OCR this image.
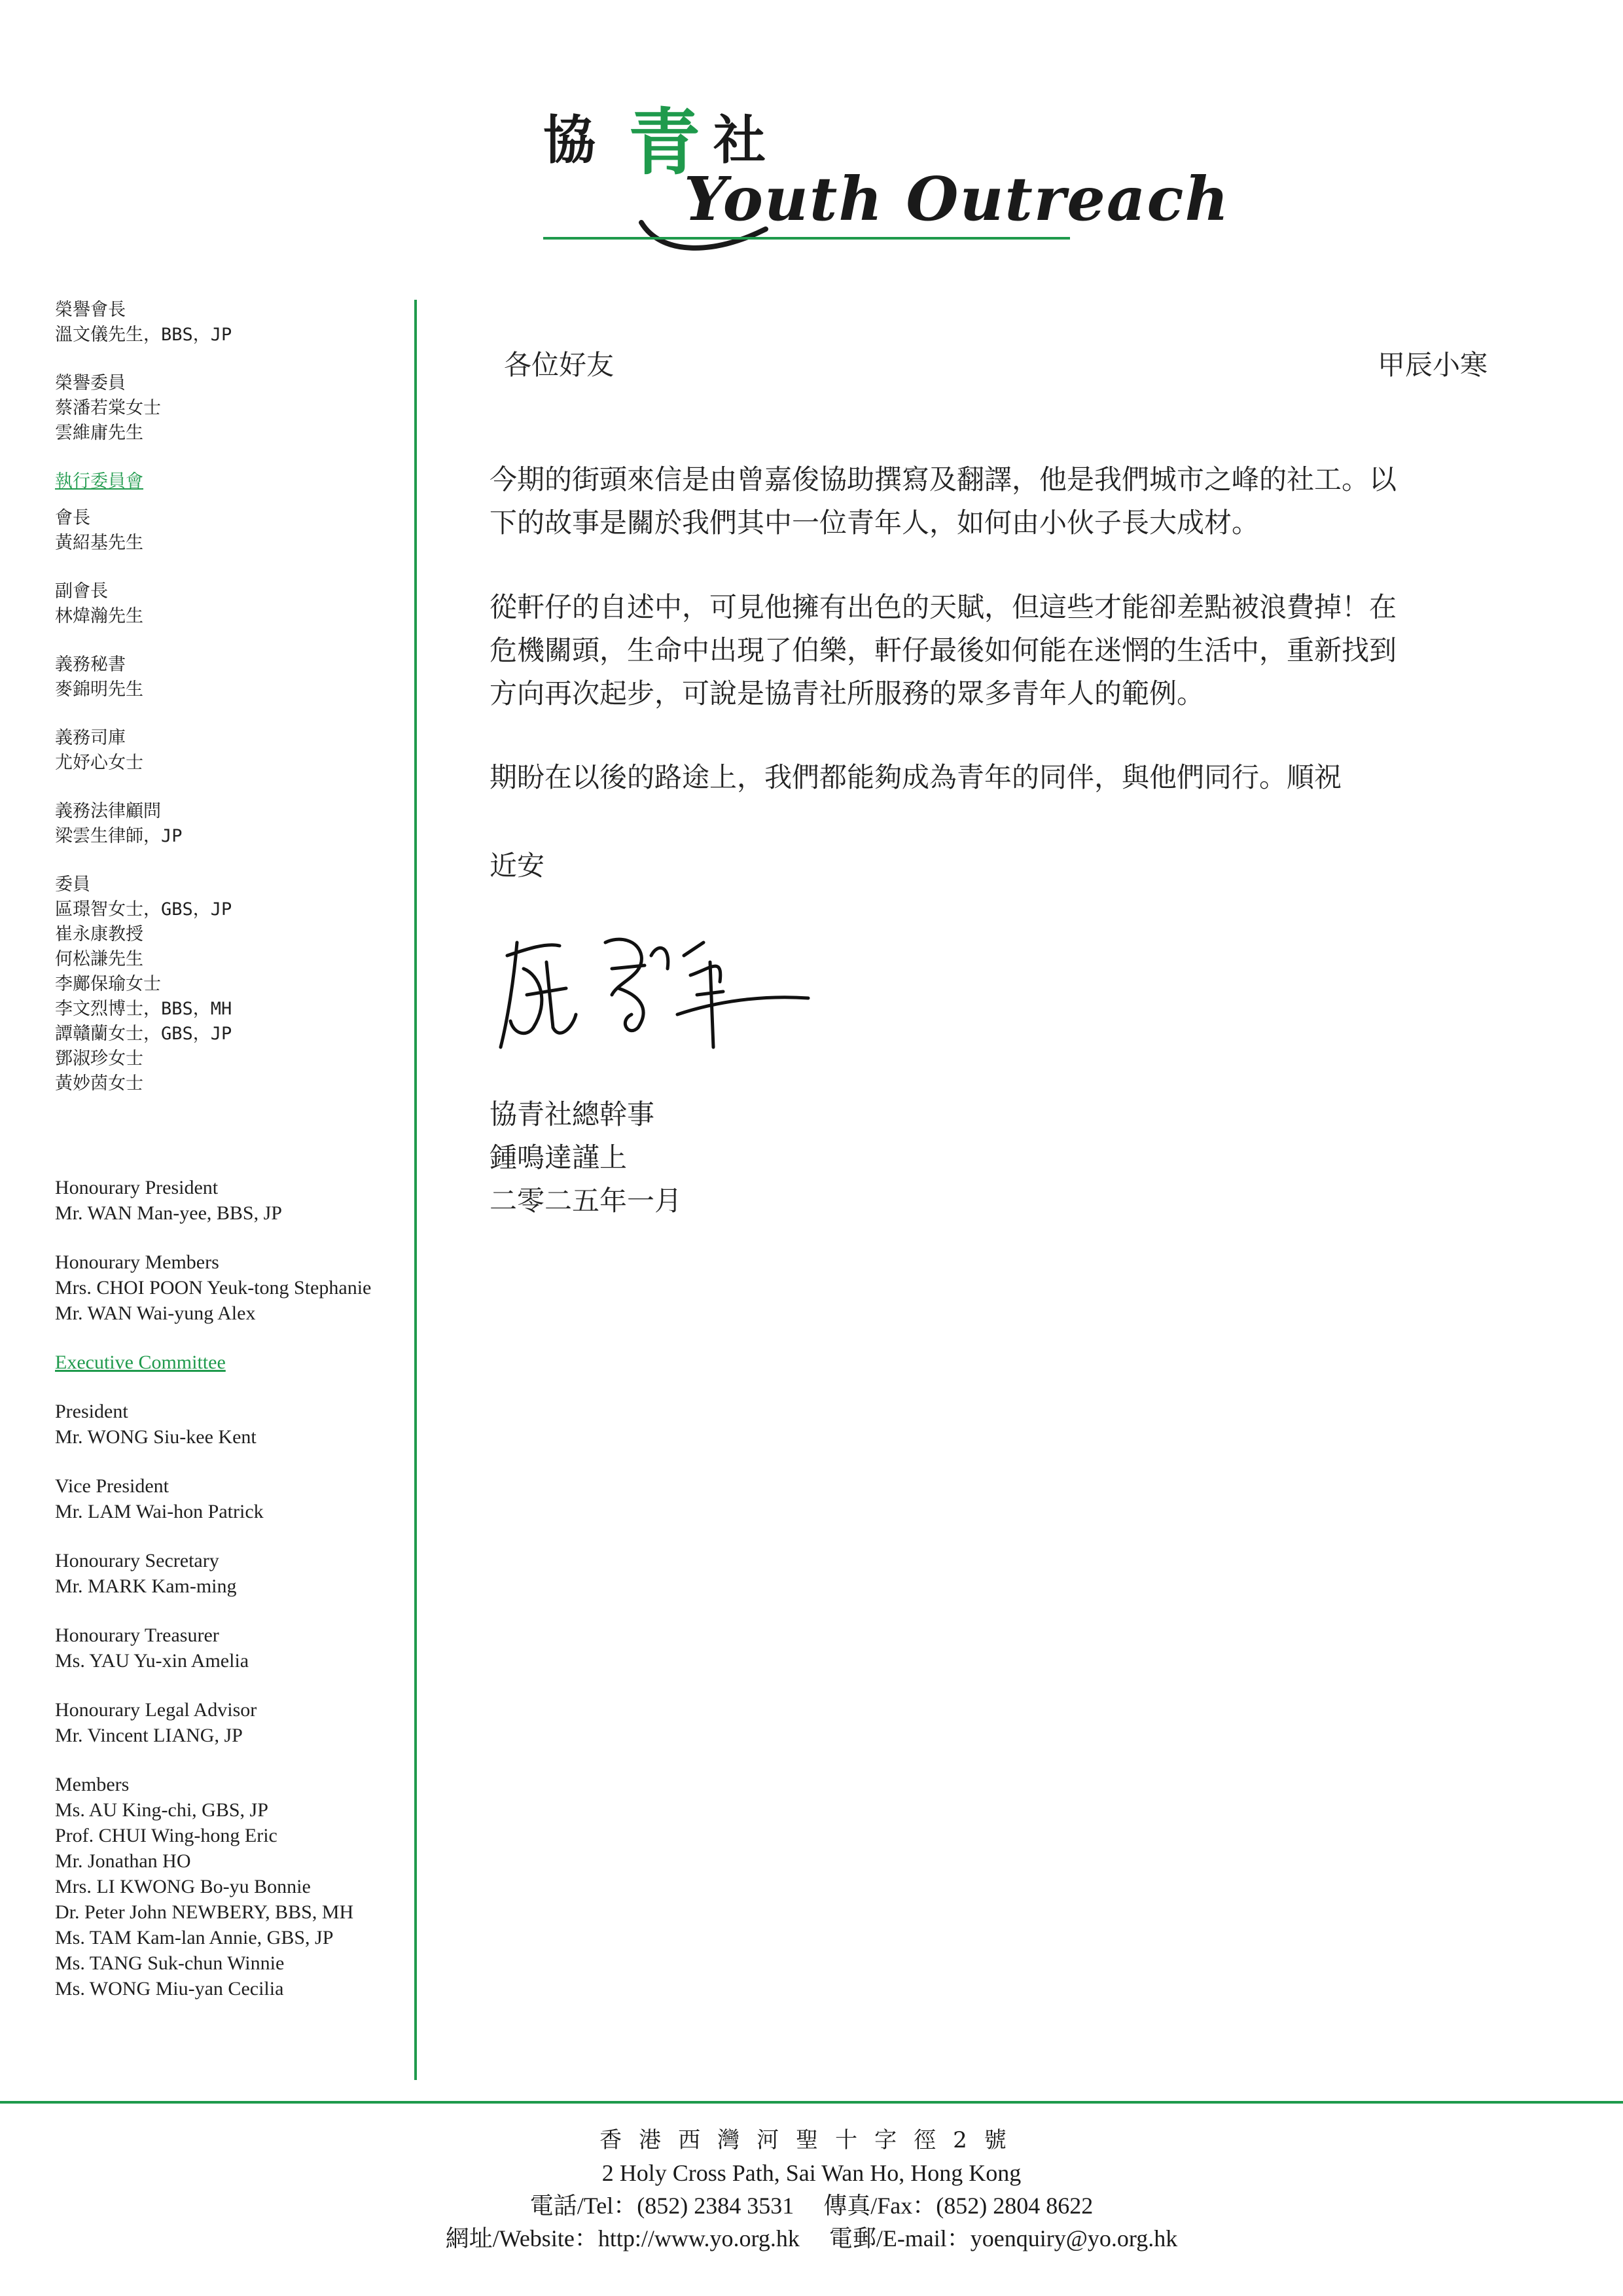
協 青 社
Youth Outreach
榮譽會長
溫文儀先生，BBS，JP
榮譽委員
蔡潘若棠女士
雲維庸先生
執行委員會
會長
黃紹基先生
副會長
林煒瀚先生
義務秘書
麥錦明先生
義務司庫
尤妤心女士
義務法律顧問
梁雲生律師，JP
委員
區璟智女士，GBS，JP
崔永康教授
何松謙先生
李鄺保瑜女士
李文烈博士，BBS，MH
譚贛蘭女士，GBS，JP
鄧淑珍女士
黃妙茵女士
Honourary President
Mr. WAN Man-yee, BBS, JP
Honourary Members
Mrs. CHOI POON Yeuk-tong Stephanie
Mr. WAN Wai-yung Alex
Executive Committee
President
Mr. WONG Siu-kee Kent
Vice President
Mr. LAM Wai-hon Patrick
Honourary Secretary
Mr. MARK Kam-ming
Honourary Treasurer
Ms. YAU Yu-xin Amelia
Honourary Legal Advisor
Mr. Vincent LIANG, JP
Members
Ms. AU King-chi, GBS, JP
Prof. CHUI Wing-hong Eric
Mr. Jonathan HO
Mrs. LI KWONG Bo-yu Bonnie
Dr. Peter John NEWBERY, BBS, MH
Ms. TAM Kam-lan Annie, GBS, JP
Ms. TANG Suk-chun Winnie
Ms. WONG Miu-yan Cecilia
各位好友	甲辰小寒
今期的街頭來信是由曾嘉俊協助撰寫及翻譯，他是我們城市之峰的社工。以
下的故事是關於我們其中一位青年人，如何由小伙子長大成材。
從軒仔的自述中，可見他擁有出色的天賦，但這些才能卻差點被浪費掉！在
危機關頭，生命中出現了伯樂，軒仔最後如何能在迷惘的生活中，重新找到
方向再次起步，可說是協青社所服務的眾多青年人的範例。
期盼在以後的路途上，我們都能夠成為青年的同伴，與他們同行。順祝
近安
協青社總幹事
鍾鳴達謹上
二零二五年一月
香港西灣河聖十字徑2號
2 Holy Cross Path, Sai Wan Ho, Hong Kong
電話/Tel：(852) 2384 3531 傳真/Fax：(852) 2804 8622
網址/Website：http://www.yo.org.hk 電郵/E-mail：yoenquiry@yo.org.hk
